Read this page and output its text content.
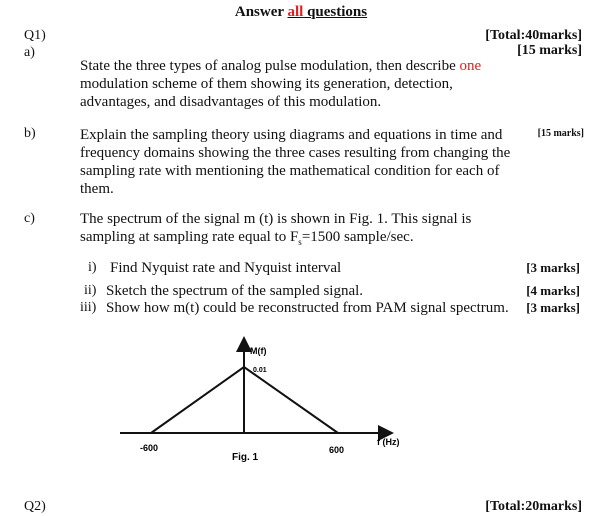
Answer all questions
Q1)	[Total:40marks]
a)	[15 marks]
State the three types of analog pulse modulation, then describe one modulation scheme of them showing its generation, detection, advantages, and disadvantages of this modulation.
b)	[15 marks]
Explain the sampling theory using diagrams and equations in time and frequency domains showing the three cases resulting from changing the sampling rate with mentioning the mathematical condition for each of them.
c)	The spectrum of the signal m (t) is shown in Fig. 1. This signal is sampling at sampling rate equal to $F_s=1500$ sample/sec.
i) Find Nyquist rate and Nyquist interval	[3 marks]
ii) Sketch the spectrum of the sampled signal.	[4 marks]
iii) Show how m(t) could be reconstructed from PAM signal spectrum. [3 marks]
M(f)
0.01
-600	600
f (Hz)
Fig. 1
Q2)	[Total:20marks]
